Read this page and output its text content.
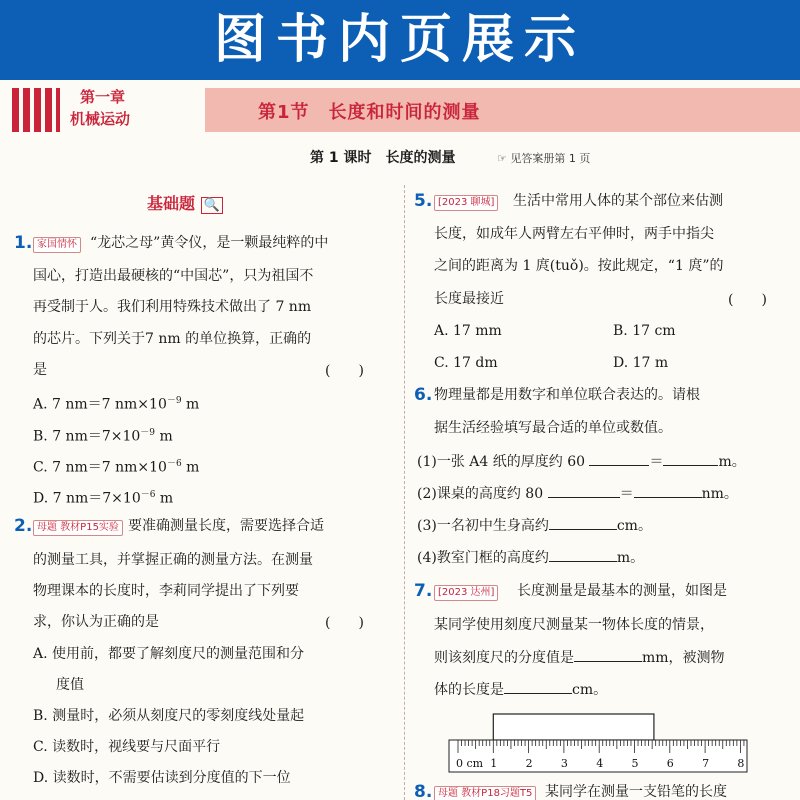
图书内页展示
第一章
机械运动	第1节　长度和时间的测量
第 1 课时　长度的测量	☞ 见答案册第 1 页
基础题 🔍
1. 家国情怀 “龙芯之母”黄令仪，是一颗最纯粹的中
国心，打造出最硬核的“中国芯”，只为祖国不
再受制于人。我们利用特殊技术做出了 7 nm
的芯片。下列关于7 nm 的单位换算，正确的
是	(　　)
A. 7 nm＝7 $nm\times 10^{-9}$ m
B. 7 $nm=7\times 10^{-9}$ m
C. 7 nm＝7 $nm\times 10^{-6}$ m
D. 7 $nm=7\times 10^{-6}$ m
2. 母题 教材P15实验 要准确测量长度，需要选择合适
的测量工具，并掌握正确的测量方法。在测量
物理课本的长度时，李莉同学提出了下列要
求，你认为正确的是	(　　)
A. 使用前，都要了解刻度尺的测量范围和分
度值
B. 测量时，必须从刻度尺的零刻度线处量起
C. 读数时，视线要与尺面平行
D. 读数时，不需要估读到分度值的下一位
5. [2023 聊城] 生活中常用人体的某个部位来估测
长度，如成年人两臂左右平伸时，两手中指尖
之间的距离为 1 庹(tuǒ)。按此规定，“1 庹”的
长度最接近	(　　)
A. 17 mm	B. 17 cm
C. 17 dm	D. 17 m
6. 物理量都是用数字和单位联合表达的。请根
据生活经验填写最合适的单位或数值。
(1)一张 A4 纸的厚度约 60	＝	m。
(2)课桌的高度约 80	＝	nm。
(3)一名初中生身高约	cm。
(4)教室门框的高度约	m。
7. [2023 达州] 长度测量是最基本的测量，如图是
某同学使用刻度尺测量某一物体长度的情景，
则该刻度尺的分度值是	mm，被测物
体的长度是	cm。
0 cm 1	2	3	4	5	6	7	8
8. 母题 教材P18习题T5 某同学在测量一支铅笔的长度
